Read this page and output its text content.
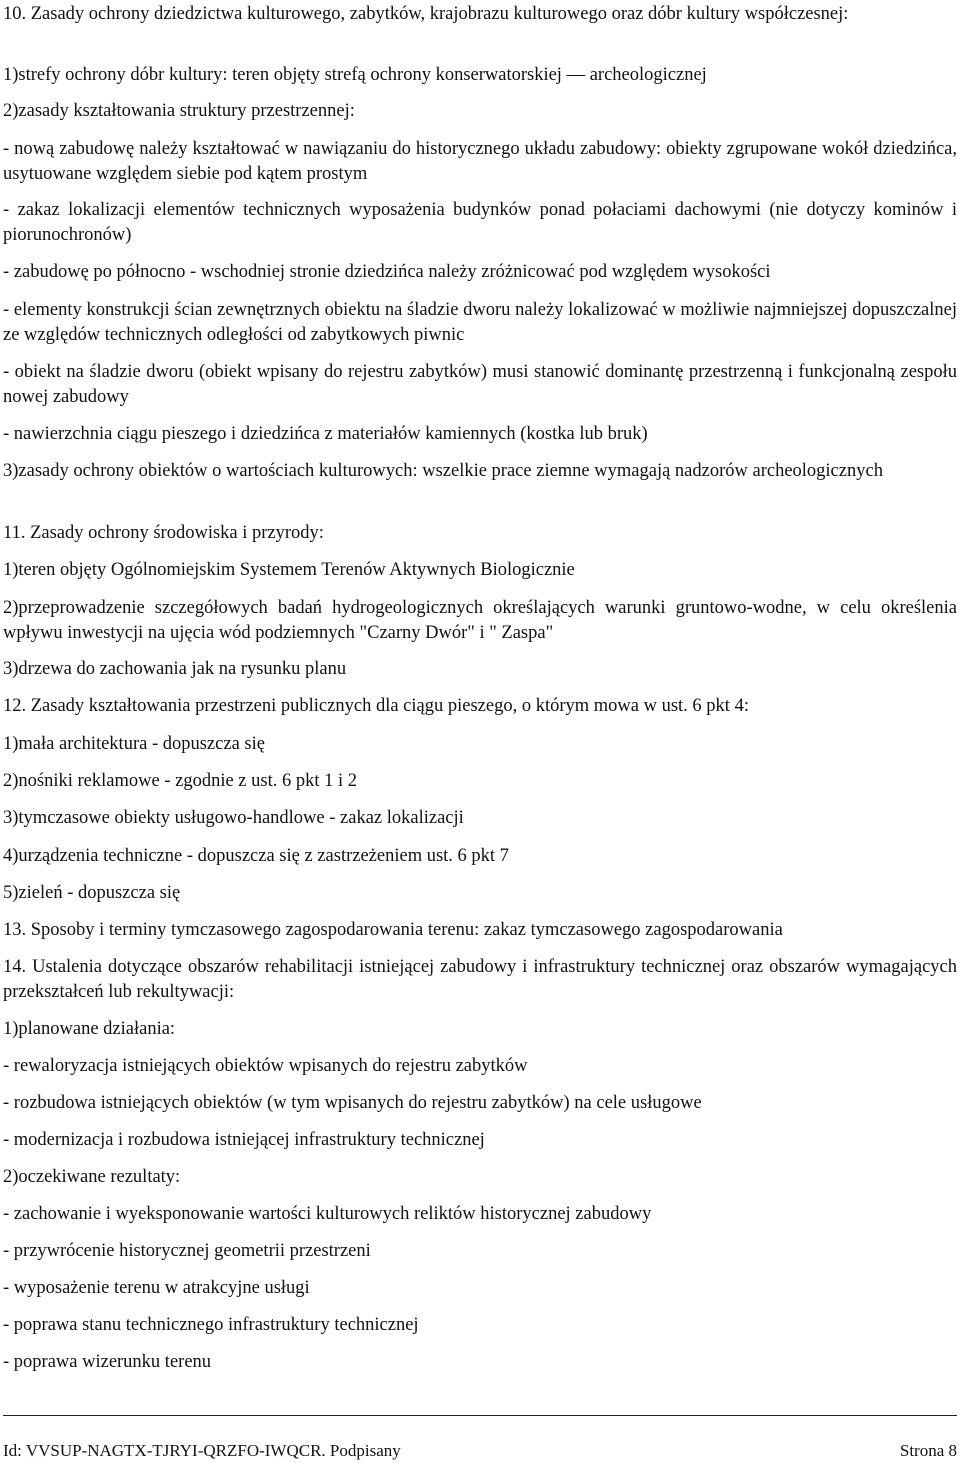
10. Zasady ochrony dziedzictwa kulturowego, zabytków, krajobrazu kulturowego oraz dóbr kultury współczesnej:

1)strefy ochrony dóbr kultury: teren objęty strefą ochrony konserwatorskiej — archeologicznej

2)zasady kształtowania struktury przestrzennej:

- nową zabudowę należy kształtować w nawiązaniu do historycznego układu zabudowy: obiekty zgrupowane wokół dziedzińca, usytuowane względem siebie pod kątem prostym

- zakaz lokalizacji elementów technicznych wyposażenia budynków ponad połaciami dachowymi (nie dotyczy kominów i piorunochronów)

- zabudowę po północno - wschodniej stronie dziedzińca należy zróżnicować pod względem wysokości

- elementy konstrukcji ścian zewnętrznych obiektu na śladzie dworu należy lokalizować w możliwie najmniejszej dopuszczalnej ze względów technicznych odległości od zabytkowych piwnic

- obiekt na śladzie dworu (obiekt wpisany do rejestru zabytków) musi stanowić dominantę przestrzenną i funkcjonalną zespołu nowej zabudowy

- nawierzchnia ciągu pieszego i dziedzińca z materiałów kamiennych (kostka lub bruk)

3)zasady ochrony obiektów o wartościach kulturowych: wszelkie prace ziemne wymagają nadzorów archeologicznych

11. Zasady ochrony środowiska i przyrody:

1)teren objęty Ogólnomiejskim Systemem Terenów Aktywnych Biologicznie

2)przeprowadzenie szczegółowych badań hydrogeologicznych określających warunki gruntowo-wodne, w celu określenia wpływu inwestycji na ujęcia wód podziemnych "Czarny Dwór" i " Zaspa"

3)drzewa do zachowania jak na rysunku planu

12. Zasady kształtowania przestrzeni publicznych dla ciągu pieszego, o którym mowa w ust. 6 pkt 4:

1)mała architektura - dopuszcza się

2)nośniki reklamowe - zgodnie z ust. 6 pkt 1 i 2

3)tymczasowe obiekty usługowo-handlowe - zakaz lokalizacji

4)urządzenia techniczne - dopuszcza się z zastrzeżeniem ust. 6 pkt 7

5)zieleń - dopuszcza się

13. Sposoby i terminy tymczasowego zagospodarowania terenu: zakaz tymczasowego zagospodarowania

14. Ustalenia dotyczące obszarów rehabilitacji istniejącej zabudowy i infrastruktury technicznej oraz obszarów wymagających przekształceń lub rekultywacji:

1)planowane działania:

- rewaloryzacja istniejących obiektów wpisanych do rejestru zabytków

- rozbudowa istniejących obiektów (w tym wpisanych do rejestru zabytków) na cele usługowe

- modernizacja i rozbudowa istniejącej infrastruktury technicznej

2)oczekiwane rezultaty:

- zachowanie i wyeksponowanie wartości kulturowych reliktów historycznej zabudowy

- przywrócenie historycznej geometrii przestrzeni

- wyposażenie terenu w atrakcyjne usługi

- poprawa stanu technicznego infrastruktury technicznej

- poprawa wizerunku terenu

Id: VVSUP-NAGTX-TJRYI-QRZFO-IWQCR. Podpisany	Strona 8
